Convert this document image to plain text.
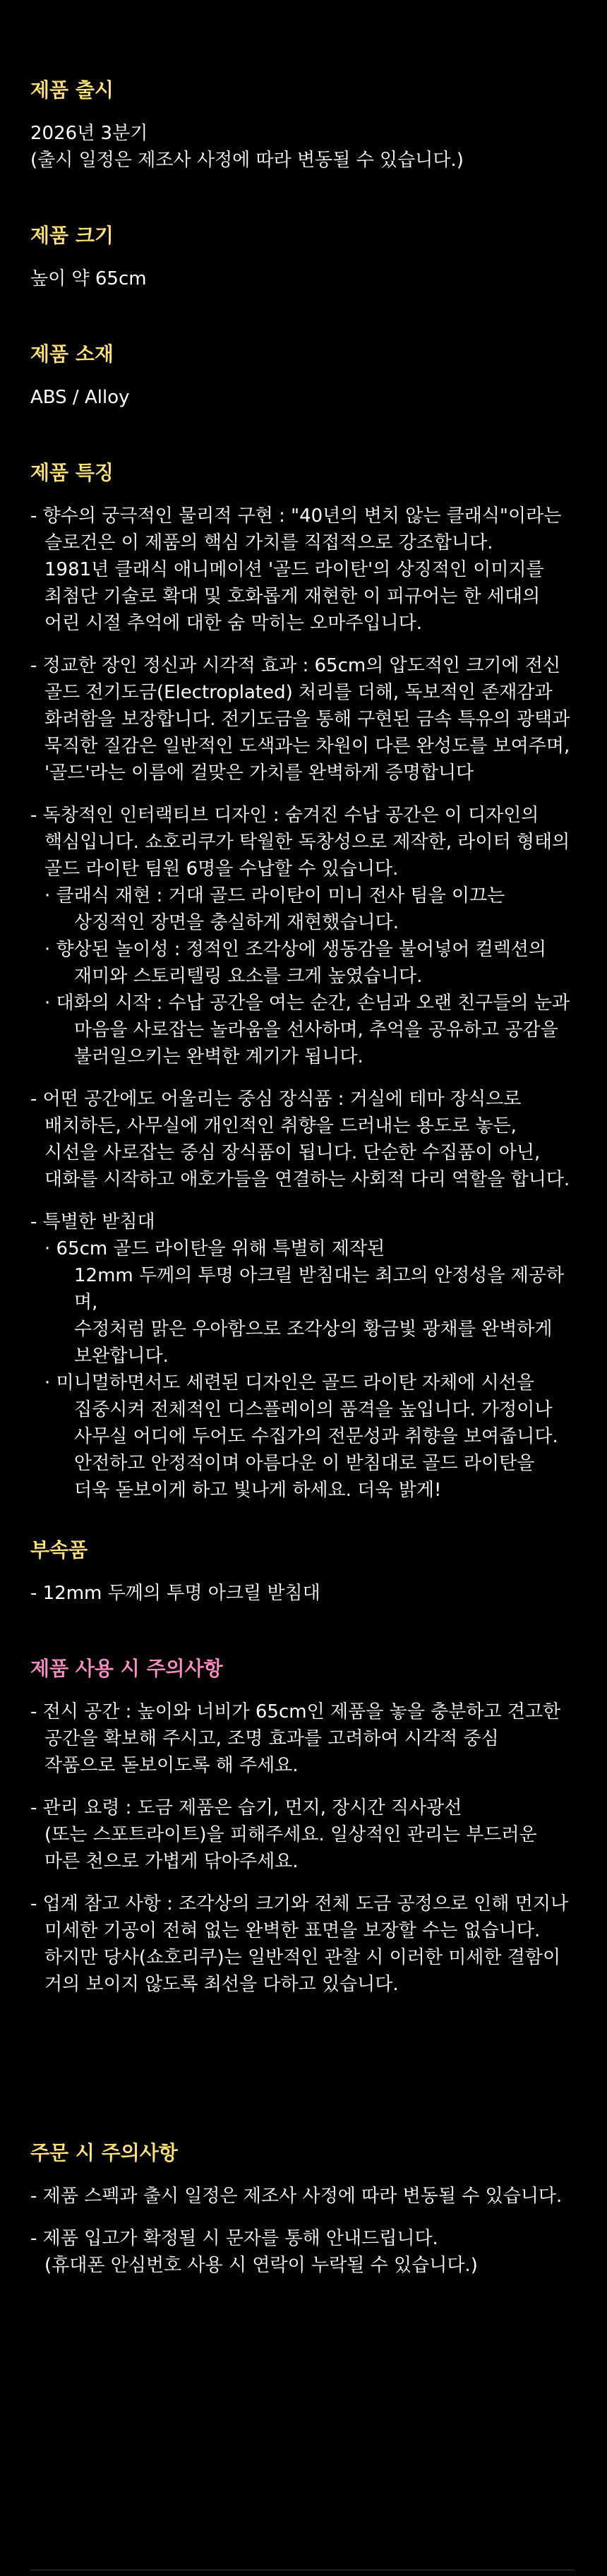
제품 출시
2026년 3분기
(출시 일정은 제조사 사정에 따라 변동될 수 있습니다.)
제품 크기
높이 약 65cm
제품 소재
ABS / Alloy
제품 특징
- 향수의 궁극적인 물리적 구현 : "40년의 변치 않는 클래식"이라는
슬로건은 이 제품의 핵심 가치를 직접적으로 강조합니다.
1981년 클래식 애니메이션 '골드 라이탄'의 상징적인 이미지를
최첨단 기술로 확대 및 호화롭게 재현한 이 피규어는 한 세대의
어린 시절 추억에 대한 숨 막히는 오마주입니다.
- 정교한 장인 정신과 시각적 효과 : 65cm의 압도적인 크기에 전신
골드 전기도금(Electroplated) 처리를 더해, 독보적인 존재감과
화려함을 보장합니다. 전기도금을 통해 구현된 금속 특유의 광택과
묵직한 질감은 일반적인 도색과는 차원이 다른 완성도를 보여주며,
'골드'라는 이름에 걸맞은 가치를 완벽하게 증명합니다
- 독창적인 인터랙티브 디자인 : 숨겨진 수납 공간은 이 디자인의
핵심입니다. 쇼호리쿠가 탁월한 독창성으로 제작한, 라이터 형태의
골드 라이탄 팀원 6명을 수납할 수 있습니다.
· 클래식 재현 : 거대 골드 라이탄이 미니 전사 팀을 이끄는
상징적인 장면을 충실하게 재현했습니다.
· 향상된 놀이성 : 정적인 조각상에 생동감을 불어넣어 컬렉션의
재미와 스토리텔링 요소를 크게 높였습니다.
· 대화의 시작 : 수납 공간을 여는 순간, 손님과 오랜 친구들의 눈과
마음을 사로잡는 놀라움을 선사하며, 추억을 공유하고 공감을
불러일으키는 완벽한 계기가 됩니다.
- 어떤 공간에도 어울리는 중심 장식품 : 거실에 테마 장식으로
배치하든, 사무실에 개인적인 취향을 드러내는 용도로 놓든,
시선을 사로잡는 중심 장식품이 됩니다. 단순한 수집품이 아닌,
대화를 시작하고 애호가들을 연결하는 사회적 다리 역할을 합니다.
- 특별한 받침대
· 65cm 골드 라이탄을 위해 특별히 제작된
12mm 두께의 투명 아크릴 받침대는 최고의 안정성을 제공하며,
수정처럼 맑은 우아함으로 조각상의 황금빛 광채를 완벽하게
보완합니다.
· 미니멀하면서도 세련된 디자인은 골드 라이탄 자체에 시선을
집중시켜 전체적인 디스플레이의 품격을 높입니다. 가정이나
사무실 어디에 두어도 수집가의 전문성과 취향을 보여줍니다.
안전하고 안정적이며 아름다운 이 받침대로 골드 라이탄을
더욱 돋보이게 하고 빛나게 하세요. 더욱 밝게!
부속품
- 12mm 두께의 투명 아크릴 받침대
제품 사용 시 주의사항
- 전시 공간 : 높이와 너비가 65cm인 제품을 놓을 충분하고 견고한
공간을 확보해 주시고, 조명 효과를 고려하여 시각적 중심
작품으로 돋보이도록 해 주세요.
- 관리 요령 : 도금 제품은 습기, 먼지, 장시간 직사광선
(또는 스포트라이트)을 피해주세요. 일상적인 관리는 부드러운
마른 천으로 가볍게 닦아주세요.
- 업계 참고 사항 : 조각상의 크기와 전체 도금 공정으로 인해 먼지나
미세한 기공이 전혀 없는 완벽한 표면을 보장할 수는 없습니다.
하지만 당사(쇼호리쿠)는 일반적인 관찰 시 이러한 미세한 결함이
거의 보이지 않도록 최선을 다하고 있습니다.
주문 시 주의사항
- 제품 스펙과 출시 일정은 제조사 사정에 따라 변동될 수 있습니다.
- 제품 입고가 확정될 시 문자를 통해 안내드립니다.
(휴대폰 안심번호 사용 시 연락이 누락될 수 있습니다.)
